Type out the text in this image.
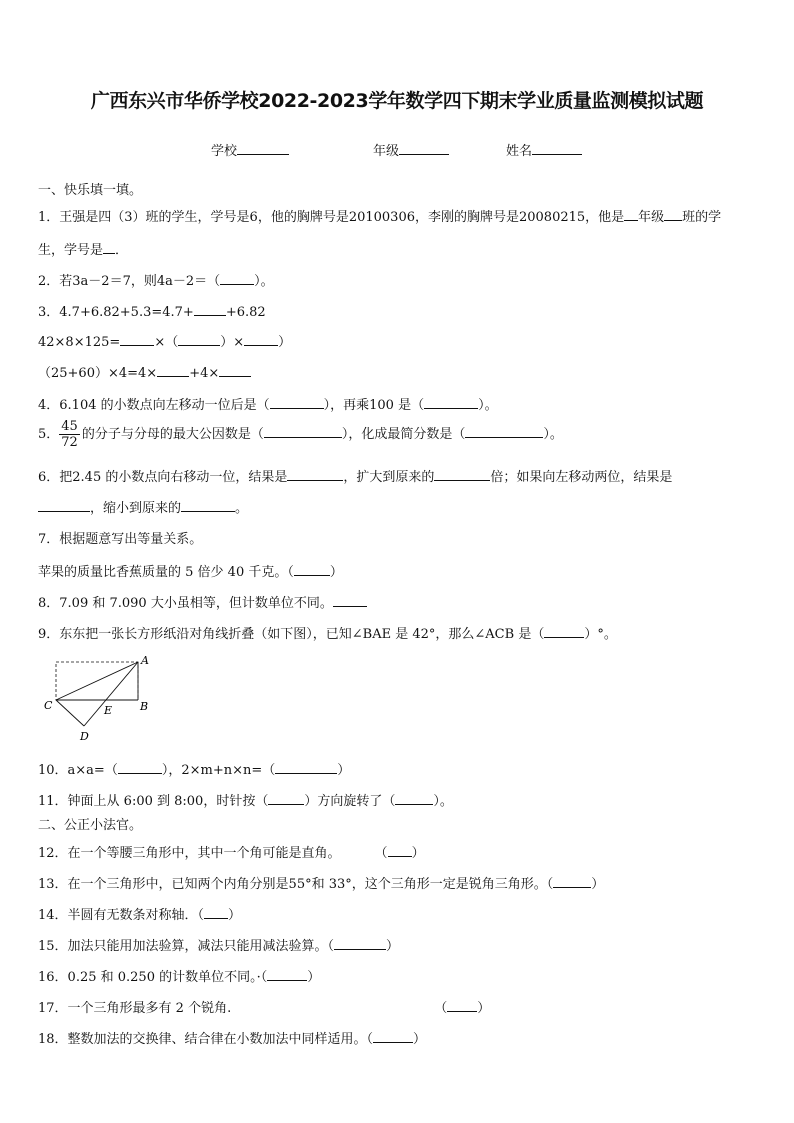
广西东兴市华侨学校2022-2023学年数学四下期末学业质量监测模拟试题
学校	年级	姓名
一、快乐填一填。
1．王强是四（3）班的学生，学号是6，他的胸牌号是20100306，李刚的胸牌号是20080215，他是 年级 班的学
生，学号是 ．
2．若3a－2＝7，则4a－2＝（	）。
3．4.7+6.82+5.3=4.7+ +6.82
42×8×125=	×（	）×	）
（25+60）×4=4× +4×
4．6.104 的小数点向左移动一位后是（	），再乘100 是（	）。
5． $\frac{45}{72}$ 的分子与分母的最大公因数是（	），化成最简分数是（	）。
6．把2.45 的小数点向右移动一位，结果是	，扩大到原来的	倍；如果向左移动两位，结果是
，缩小到原来的	。
7．根据题意写出等量关系。
苹果的质量比香蕉质量的 5 倍少 40 千克。（	）
8．7.09 和 7.090 大小虽相等，但计数单位不同。
9．东东把一张长方形纸沿对角线折叠（如下图），已知∠BAE 是 42°，那么∠ACB 是（	）°。
A
B
C	E
D
10．a×a=（	），2×m+n×n=（	）
11．钟面上从 6:00 到 8:00，时针按（	）方向旋转了（	）。
二、公正小法官。
12．在一个等腰三角形中，其中一个角可能是直角。	（ ）
13．在一个三角形中，已知两个内角分别是55°和 33°，这个三角形一定是锐角三角形。（	）
14．半圆有无数条对称轴．（ ）
15．加法只能用加法验算，减法只能用减法验算。（	）
16．0.25 和 0.250 的计数单位不同。·（	）
17．一个三角形最多有 2 个锐角.	（ ）
18．整数加法的交换律、结合律在小数加法中同样适用。（	）
